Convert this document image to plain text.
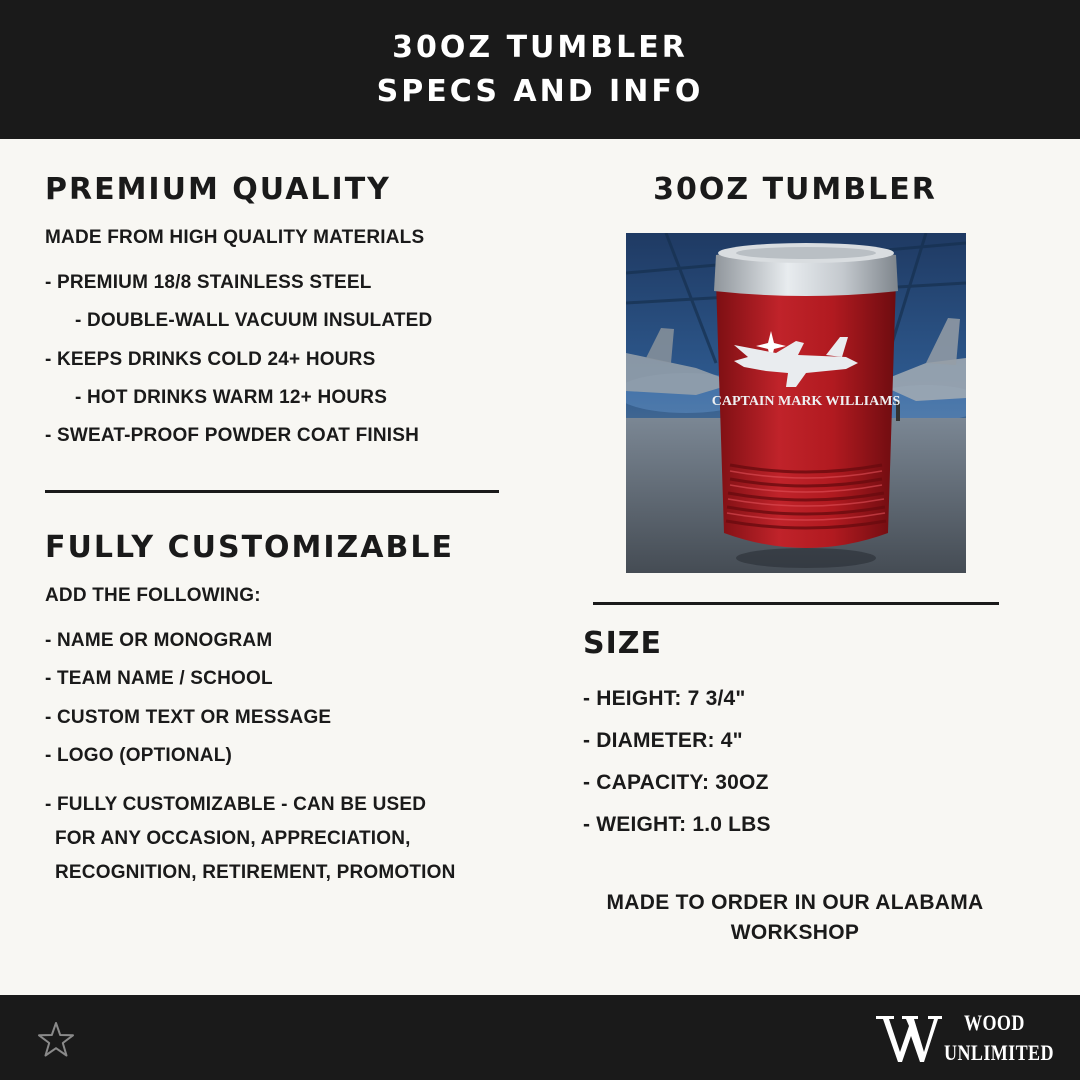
30OZ TUMBLER
SPECS AND INFO
PREMIUM QUALITY
MADE FROM HIGH QUALITY MATERIALS
- PREMIUM 18/8 STAINLESS STEEL
- DOUBLE-WALL VACUUM INSULATED
- KEEPS DRINKS COLD 24+ HOURS
- HOT DRINKS WARM 12+ HOURS
- SWEAT-PROOF POWDER COAT FINISH
FULLY CUSTOMIZABLE
ADD THE FOLLOWING:
- NAME OR MONOGRAM
- TEAM NAME / SCHOOL
- CUSTOM TEXT OR MESSAGE
- LOGO (OPTIONAL)
- FULLY CUSTOMIZABLE - CAN BE USED
FOR ANY OCCASION, APPRECIATION,
RECOGNITION, RETIREMENT, PROMOTION
30OZ TUMBLER
CAPTAIN MARK WILLIAMS
SIZE
- HEIGHT: 7 3/4"
- DIAMETER: 4"
- CAPACITY: 30OZ
- WEIGHT: 1.0 LBS
MADE TO ORDER IN OUR ALABAMA
WORKSHOP
WOOD
UNLIMITED
